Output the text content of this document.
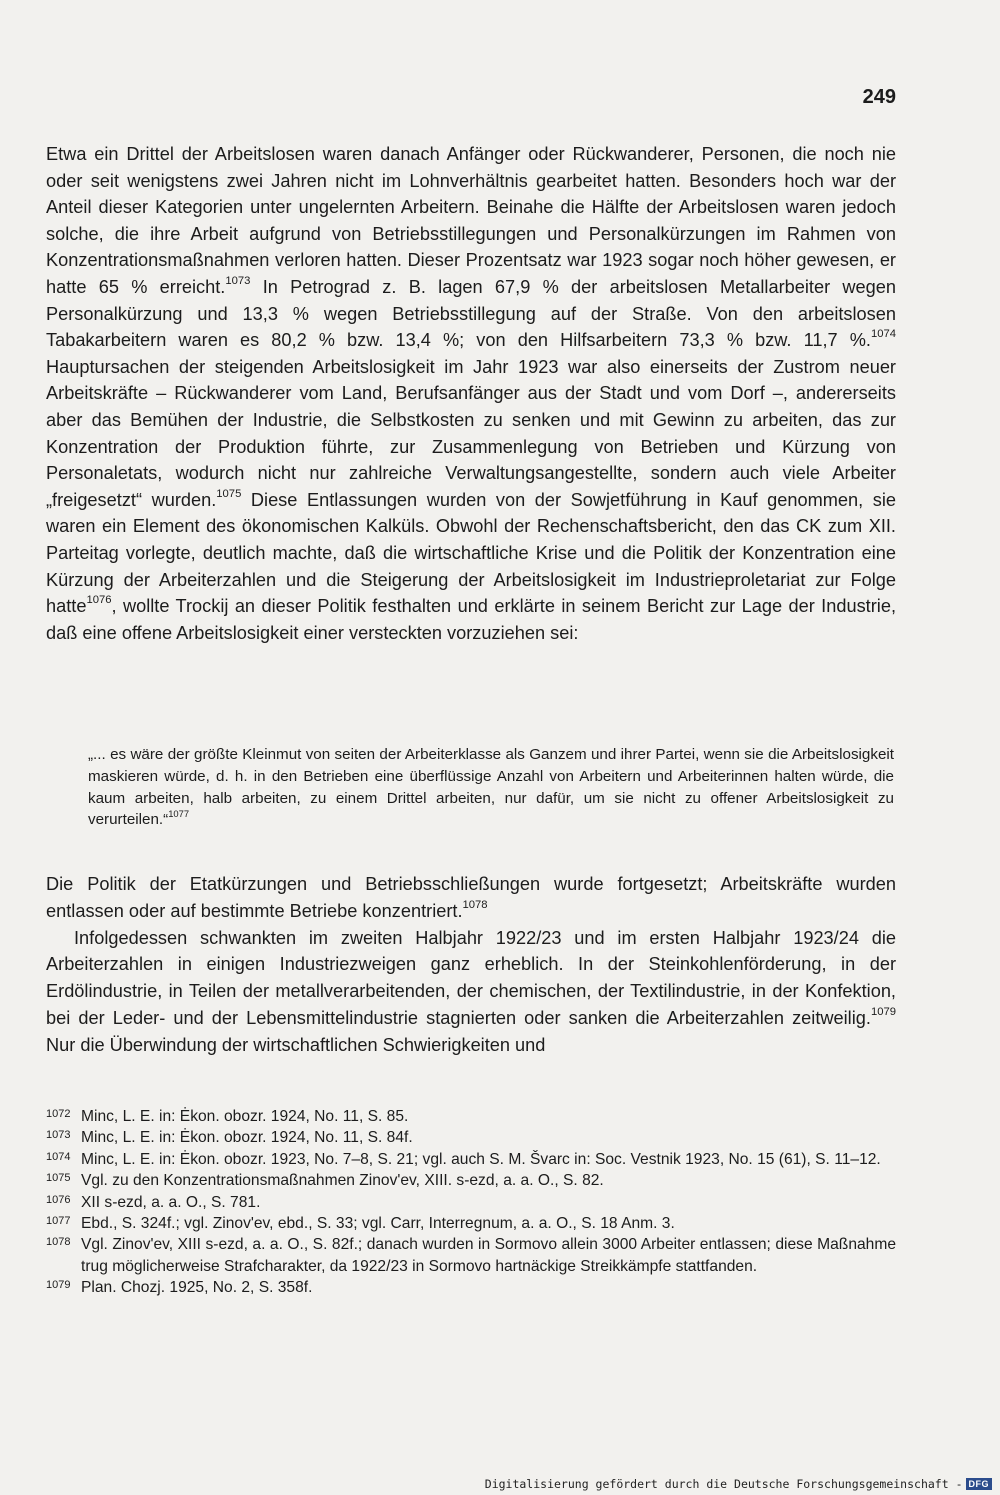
249

Etwa ein Drittel der Arbeitslosen waren danach Anfänger oder Rückwanderer, Personen, die noch nie oder seit wenigstens zwei Jahren nicht im Lohnverhältnis gearbeitet hatten. Besonders hoch war der Anteil dieser Kategorien unter ungelernten Arbeitern. Beinahe die Hälfte der Arbeitslosen waren jedoch solche, die ihre Arbeit aufgrund von Betriebsstillegungen und Personalkürzungen im Rahmen von Konzentrationsmaßnahmen verloren hatten. Dieser Prozentsatz war 1923 sogar noch höher gewesen, er hatte 65 % erreicht.$^{1073}$ In Petrograd z. B. lagen 67,9 % der arbeitslosen Metallarbeiter wegen Personalkürzung und 13,3 % wegen Betriebsstillegung auf der Straße. Von den arbeitslosen Tabakarbeitern waren es 80,2 % bzw. 13,4 %; von den Hilfsarbeitern 73,3 % bzw. 11,7 %.$^{1074}$ Hauptursachen der steigenden Arbeitslosigkeit im Jahr 1923 war also einerseits der Zustrom neuer Arbeitskräfte – Rückwanderer vom Land, Berufsanfänger aus der Stadt und vom Dorf –, andererseits aber das Bemühen der Industrie, die Selbstkosten zu senken und mit Gewinn zu arbeiten, das zur Konzentration der Produktion führte, zur Zusammenlegung von Betrieben und Kürzung von Personaletats, wodurch nicht nur zahlreiche Verwaltungsangestellte, sondern auch viele Arbeiter „freigesetzt“ wurden.$^{1075}$ Diese Entlassungen wurden von der Sowjetführung in Kauf genommen, sie waren ein Element des ökonomischen Kalküls. Obwohl der Rechenschaftsbericht, den das CK zum XII. Parteitag vorlegte, deutlich machte, daß die wirtschaftliche Krise und die Politik der Konzentration eine Kürzung der Arbeiterzahlen und die Steigerung der Arbeitslosigkeit im Industrieproletariat zur Folge hatte$^{1076}$, wollte Trockij an dieser Politik festhalten und erklärte in seinem Bericht zur Lage der Industrie, daß eine offene Arbeitslosigkeit einer versteckten vorzuziehen sei:

„... es wäre der größte Kleinmut von seiten der Arbeiterklasse als Ganzem und ihrer Partei, wenn sie die Arbeitslosigkeit maskieren würde, d. h. in den Betrieben eine überflüssige Anzahl von Arbeitern und Arbeiterinnen halten würde, die kaum arbeiten, halb arbeiten, zu einem Drittel arbeiten, nur dafür, um sie nicht zu offener Arbeitslosigkeit zu verurteilen.“$^{1077}$

Die Politik der Etatkürzungen und Betriebsschließungen wurde fortgesetzt; Arbeitskräfte wurden entlassen oder auf bestimmte Betriebe konzentriert.$^{1078}$

Infolgedessen schwankten im zweiten Halbjahr 1922/23 und im ersten Halbjahr 1923/24 die Arbeiterzahlen in einigen Industriezweigen ganz erheblich. In der Steinkohlenförderung, in der Erdölindustrie, in Teilen der metallverarbeitenden, der chemischen, der Textilindustrie, in der Konfektion, bei der Leder- und der Lebensmittelindustrie stagnierten oder sanken die Arbeiterzahlen zeitweilig.$^{1079}$ Nur die Überwindung der wirtschaftlichen Schwierigkeiten und

1072 Minc, L. E. in: Ėkon. obozr. 1924, No. 11, S. 85.
1073 Minc, L. E. in: Ėkon. obozr. 1924, No. 11, S. 84f.
1074 Minc, L. E. in: Ėkon. obozr. 1923, No. 7–8, S. 21; vgl. auch S. M. Švarc in: Soc. Vestnik 1923, No. 15 (61), S. 11–12.
1075 Vgl. zu den Konzentrationsmaßnahmen Zinov'ev, XIII. s-ezd, a. a. O., S. 82.
1076 XII s-ezd, a. a. O., S. 781.
1077 Ebd., S. 324f.; vgl. Zinov'ev, ebd., S. 33; vgl. Carr, Interregnum, a. a. O., S. 18 Anm. 3.
1078 Vgl. Zinov'ev, XIII s-ezd, a. a. O., S. 82f.; danach wurden in Sormovo allein 3000 Arbeiter entlassen; diese Maßnahme trug möglicherweise Strafcharakter, da 1922/23 in Sormovo hartnäckige Streikkämpfe stattfanden.
1079 Plan. Chozj. 1925, No. 2, S. 358f.
Digitalisierung gefördert durch die Deutsche Forschungsgemeinschaft - DFG
